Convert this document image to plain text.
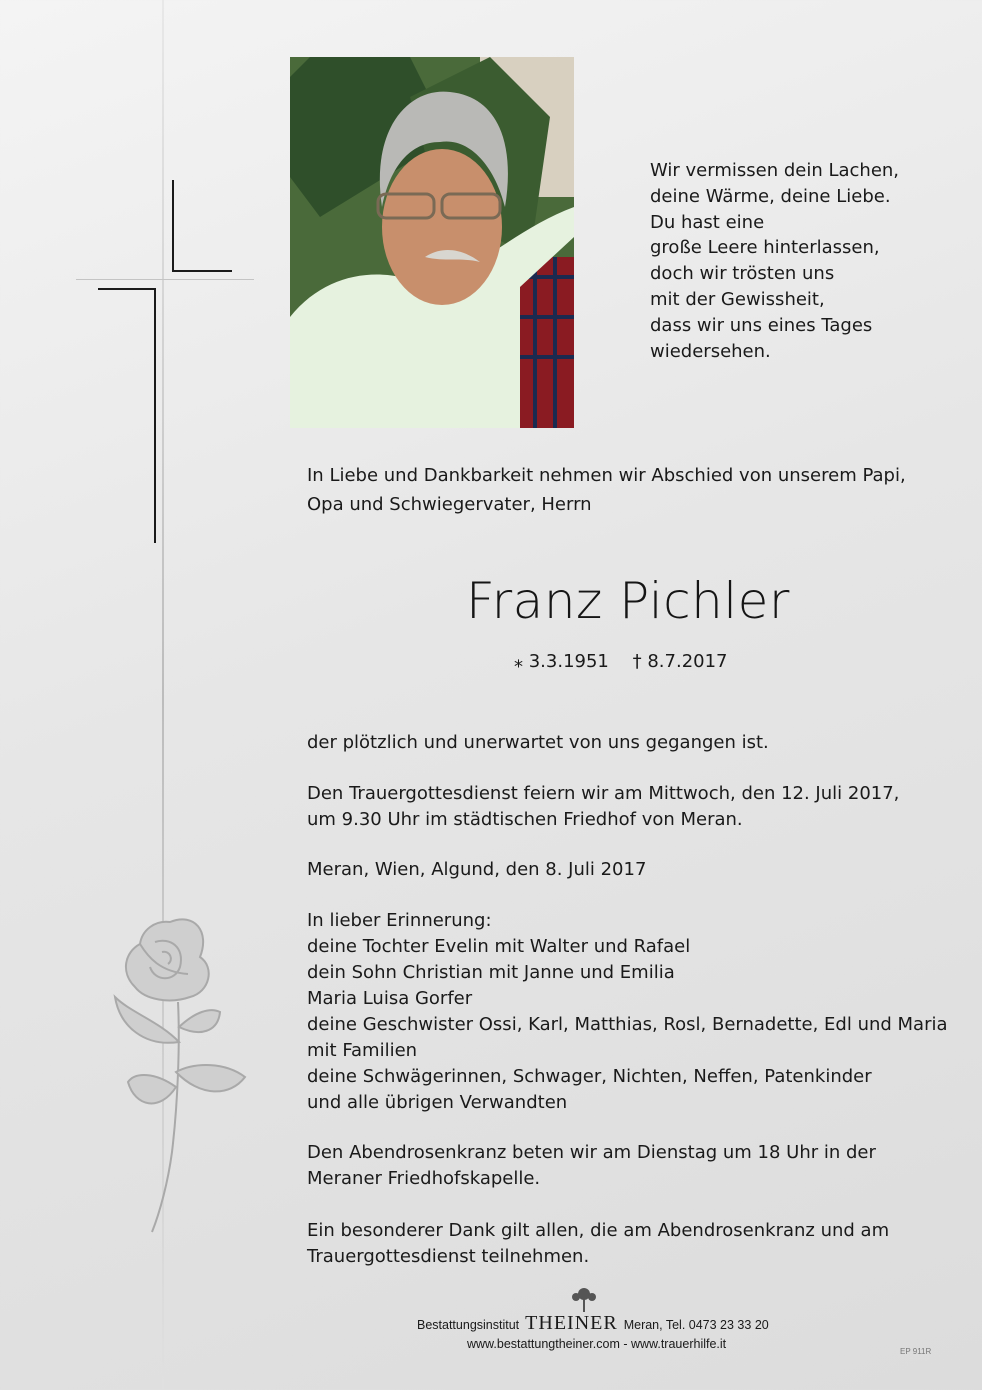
Wir vermissen dein Lachen,
deine Wärme, deine Liebe.
Du hast eine
große Leere hinterlassen,
doch wir trösten uns
mit der Gewissheit,
dass wir uns eines Tages
wiedersehen.
In Liebe und Dankbarkeit nehmen wir Abschied von unserem Papi,
Opa und Schwiegervater, Herrn
Franz Pichler
⁎ 3.3.1951 † 8.7.2017
der plötzlich und unerwartet von uns gegangen ist.
Den Trauergottesdienst feiern wir am Mittwoch, den 12. Juli 2017,
um 9.30 Uhr im städtischen Friedhof von Meran.
Meran, Wien, Algund, den 8. Juli 2017
In lieber Erinnerung:
deine Tochter Evelin mit Walter und Rafael
dein Sohn Christian mit Janne und Emilia
Maria Luisa Gorfer
deine Geschwister Ossi, Karl, Matthias, Rosl, Bernadette, Edl und Maria
mit Familien
deine Schwägerinnen, Schwager, Nichten, Neffen, Patenkinder
und alle übrigen Verwandten
Den Abendrosenkranz beten wir am Dienstag um 18 Uhr in der
Meraner Friedhofskapelle.
Ein besonderer Dank gilt allen, die am Abendrosenkranz und am
Trauergottesdienst teilnehmen.
Bestattungsinstitut THEINER Meran, Tel. 0473 23 33 20
www.bestattungtheiner.com - www.trauerhilfe.it
EP 911R
